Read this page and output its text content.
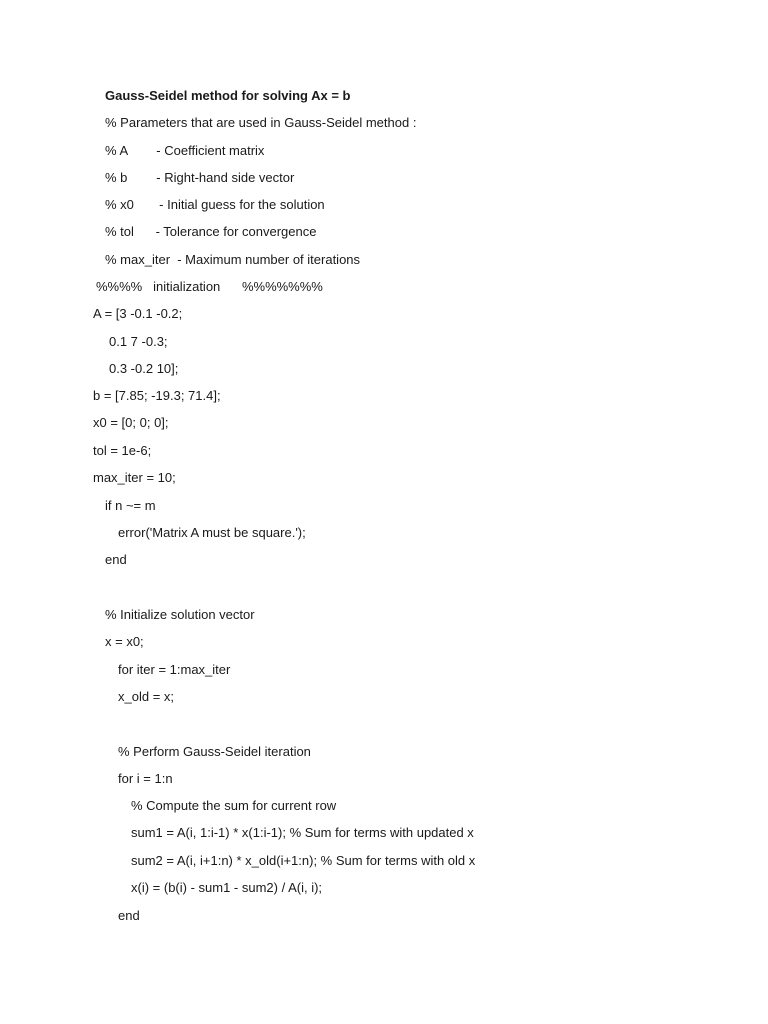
Gauss-Seidel method for solving Ax = b

% Parameters that are used in Gauss-Seidel method :

% A        - Coefficient matrix

% b        - Right-hand side vector

% x0       - Initial guess for the solution

% tol      - Tolerance for convergence

% max_iter  - Maximum number of iterations

%%%%   initialization      %%%%%%%

A = [3 -0.1 -0.2;

0.1 7 -0.3;

0.3 -0.2 10];

b = [7.85; -19.3; 71.4];

x0 = [0; 0; 0];

tol = 1e-6;

max_iter = 10;

if n ~= m

error('Matrix A must be square.');

end

% Initialize solution vector

x = x0;

for iter = 1:max_iter

x_old = x;

% Perform Gauss-Seidel iteration

for i = 1:n

% Compute the sum for current row

sum1 = A(i, 1:i-1) * x(1:i-1); % Sum for terms with updated x

sum2 = A(i, i+1:n) * x_old(i+1:n); % Sum for terms with old x

x(i) = (b(i) - sum1 - sum2) / A(i, i);

end
